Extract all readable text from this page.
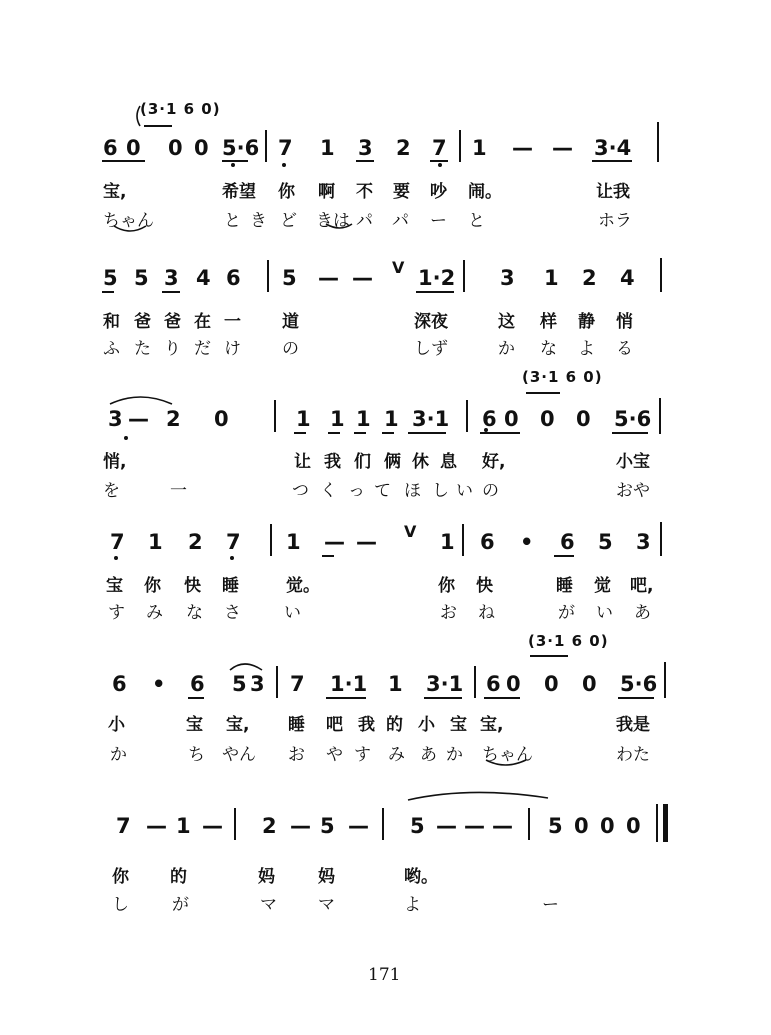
(3·1 6 0)
(3·1 6 0)
(3·1 6 0)
6 0 0 0 5·6 7 1 3 2 7 1 — — 3·4
宝,	希望 你 啊 不 要 吵 闹。	让我
ちゃん	と き ど きは パ パ ー と	ホラ
5 5 3 4 6 5 — — V 1·2 3 1 2 4
和 爸 爸 在 一 道	深夜	这 样 静 悄
ふ た り だ け の	しず	か な よ る
3 — 2 0	1 1 1 1 3·1 6 0 0 0 5·6
悄,	让 我 们 俩 休 息 好,	小宝
を	一	つ く っ て ほ し い の	おや
7 1 2 7 1 — — V 1 6 • 6 5 3
宝 你 快 睡	觉。	你 快	睡 觉 吧,
す み な さ	い	お ね	が い あ
6 • 6 5 3 7 1·1 1 3·1 6 0 0 0 5·6
小	宝 宝, 睡 吧 我 的 小 宝 宝,	我是
か	ち やん お や す み あ か ちゃん	わた
7 — 1 — 2 — 5 — 5 — — — 5 0 0 0
你 的	妈	妈	哟。
し	が	マ マ	よ	ー
171
